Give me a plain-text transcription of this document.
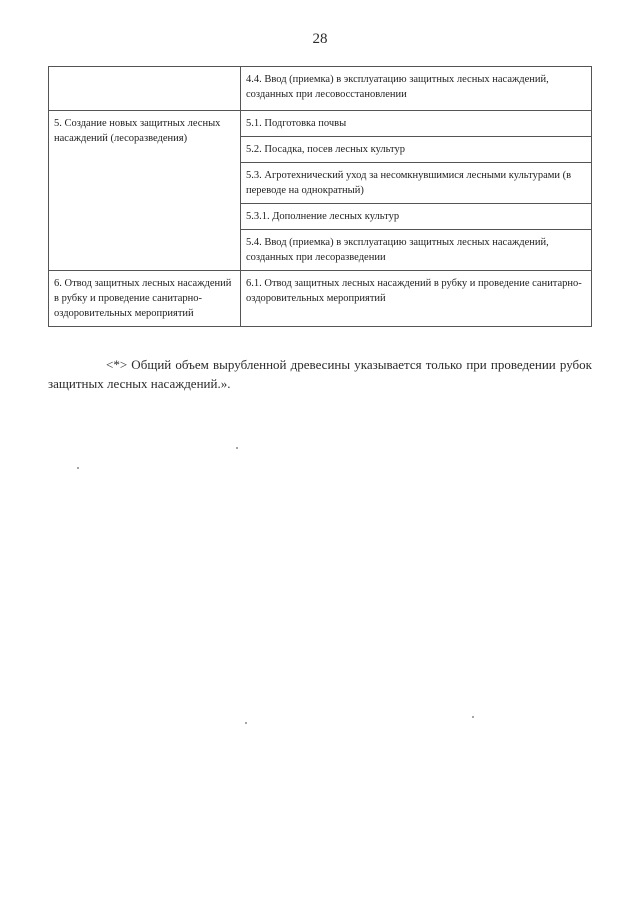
28
	4.4. Ввод (приемка) в эксплуатацию защитных лесных насаждений, созданных при лесовосстановлении
5. Создание новых защитных лесных насаждений (лесоразведения)	5.1. Подготовка почвы
	5.2. Посадка, посев лесных культур
	5.3. Агротехнический уход за несомкнувшимися лесными культурами (в переводе на однократный)
	5.3.1. Дополнение лесных культур
	5.4. Ввод (приемка) в эксплуатацию защитных лесных насаждений, созданных при лесоразведении
6. Отвод защитных лесных насаждений в рубку и проведение санитарно-оздоровительных мероприятий	6.1. Отвод защитных лесных насаждений в рубку и проведение санитарно-оздоровительных мероприятий
<*> Общий объем вырубленной древесины указывается только при проведении рубок защитных лесных насаждений.».
